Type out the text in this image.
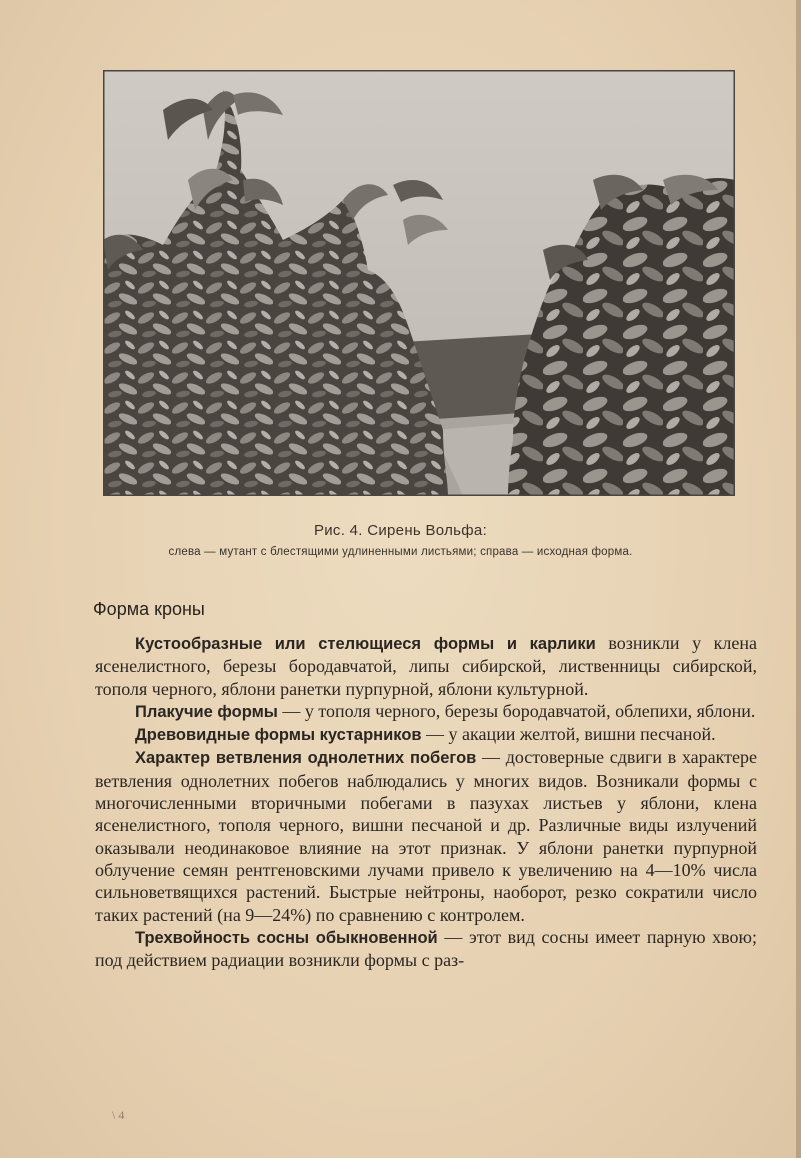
Рис. 4. Сирень Вольфа:
слева — мутант с блестящими удлиненными листьями; справа — исходная форма.
Форма кроны

Кустообразные или стелющиеся формы и карлики возникли у клена ясенелистного, березы бородавчатой, липы сибирской, лиственницы сибирской, тополя черного, яблони ранетки пурпурной, яблони культурной.

Плакучие формы — у тополя черного, березы бородавчатой, облепихи, яблони.

Древовидные формы кустарников — у акации желтой, вишни песчаной.

Характер ветвления однолетних побегов — достоверные сдвиги в характере ветвления однолетних побегов наблюдались у многих видов. Возникали формы с многочисленными вторичными побегами в пазухах листьев у яблони, клена ясенелистного, тополя черного, вишни песчаной и др. Различные виды излучений оказывали неодинаковое влияние на этот признак. У яблони ранетки пурпурной облучение семян рентгеновскими лучами привело к увеличению на 4—10% числа сильноветвящихся растений. Быстрые нейтроны, наоборот, резко сократили число таких растений (на 9—24%) по сравнению с контролем.

Трехвойность сосны обыкновенной — этот вид сосны имеет парную хвою; под действием радиации возникли формы с раз-

\ 4
